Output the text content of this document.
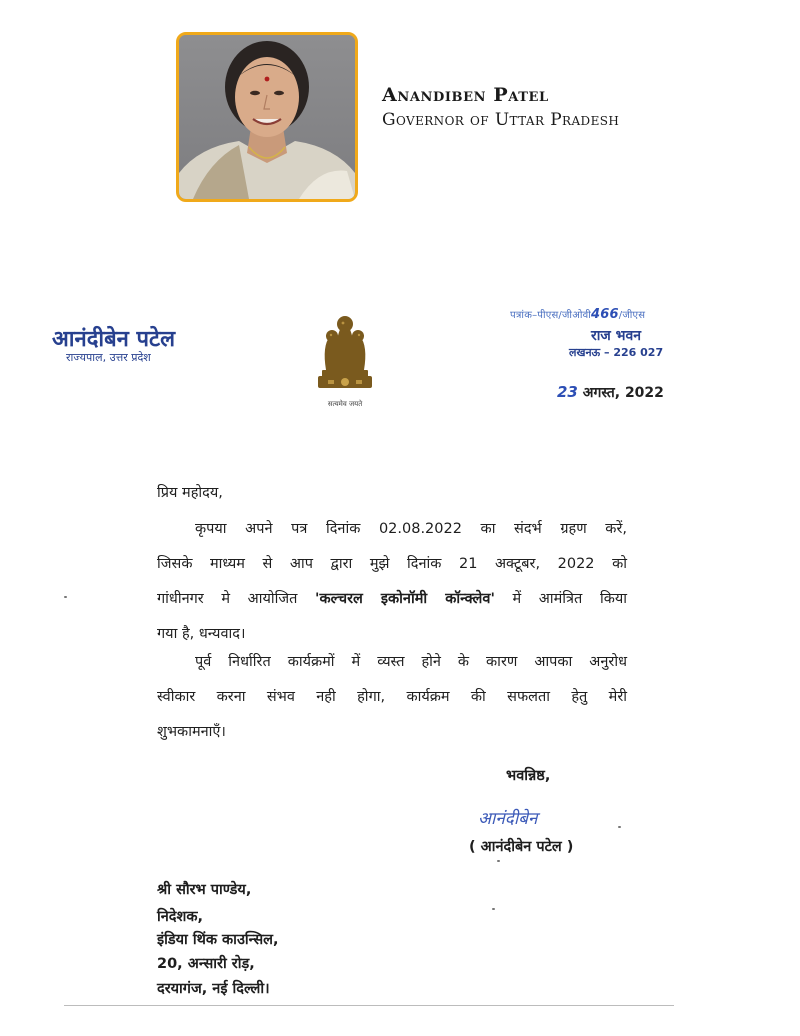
Anandiben Patel
Governor of Uttar Pradesh
आनंदीबेन पटेल
राज्यपाल, उत्तर प्रदेश
सत्यमेव जयते
पत्रांक–पीएस/जीओवी466/जीएस
राज भवन
लखनऊ – 226 027
23 अगस्त, 2022
प्रिय महोदय,
कृपया अपने पत्र दिनांक 02.08.2022 का संदर्भ ग्रहण करें,
जिसके माध्यम से आप द्वारा मुझे दिनांक 21 अक्टूबर, 2022 को
गांधीनगर मे आयोजित 'कल्चरल इकोनॉमी कॉन्क्लेव' में आमंत्रित किया
गया है, धन्यवाद।
पूर्व निर्धारित कार्यक्रमों में व्यस्त होने के कारण आपका अनुरोध
स्वीकार करना संभव नही होगा, कार्यक्रम की सफलता हेतु मेरी
शुभकामनाएँ।
भवन्निष्ठ,
आनंदीबेन
( आनंदीबेन पटेल )
श्री सौरभ पाण्डेय,
निदेशक,
इंडिया थिंक काउन्सिल,
20, अन्सारी रोड़,
दरयागंज, नई दिल्ली।
